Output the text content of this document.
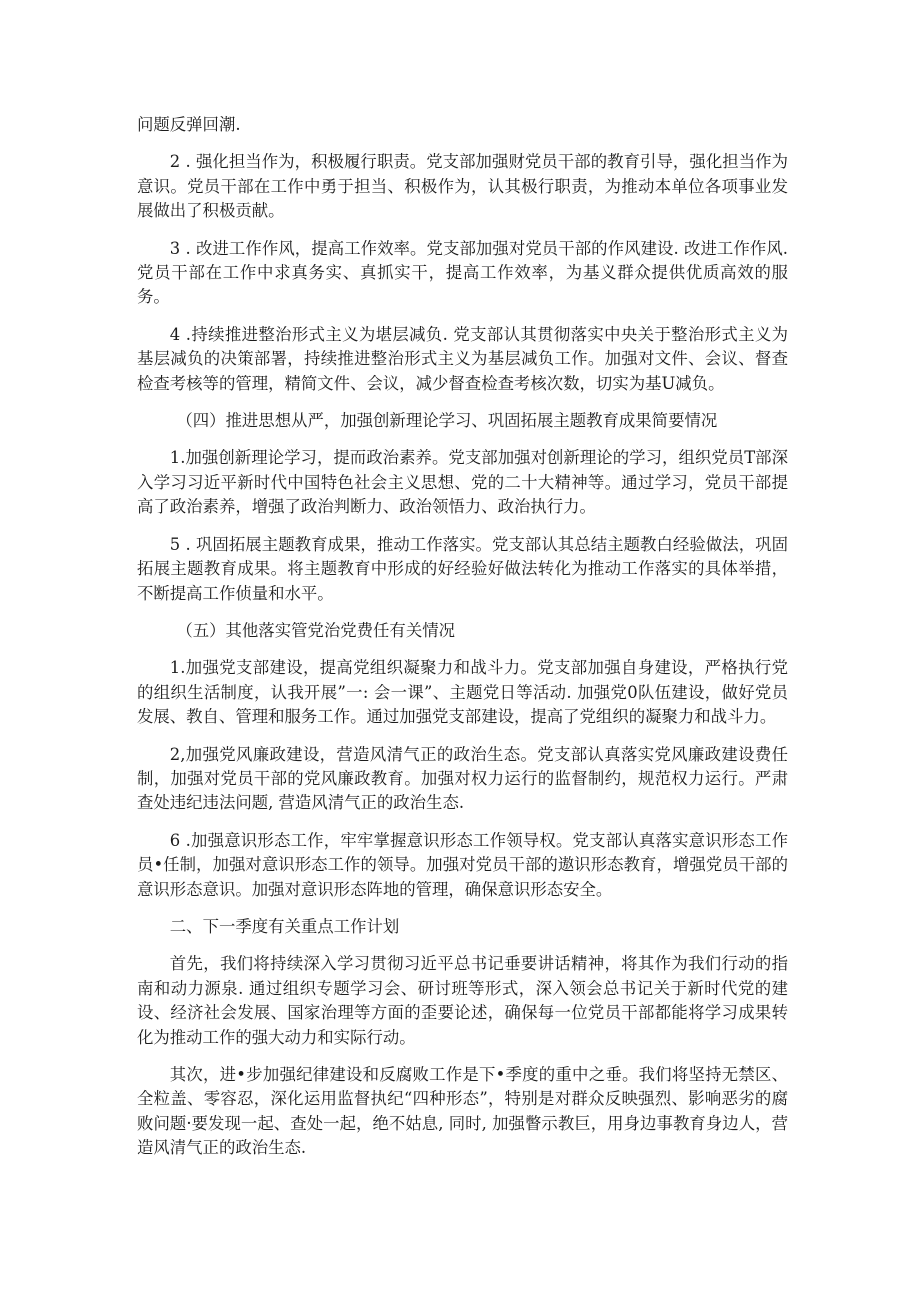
问题反弹回潮.

2 . 强化担当作为，积极履行职责。党支部加强财党员干部的教育引导，强化担当作为意识。党员干部在工作中勇于担当、积极作为，认其极行职责，为推动本单位各项事业发展做出了积极贡献。

3 . 改进工作作风，提高工作效率。党支部加强对党员干部的作风建设. 改进工作作风. 党员干部在工作中求真务实、真抓实干，提高工作效率，为基义群众提供优质高效的服务。

4 .持续推进整治形式主义为堪层减负. 党支部认其贯彻落实中央关于整治形式主义为基层减负的决策部署，持续推进整治形式主义为基层减负工作。加强对文件、会议、督查检查考核等的管理，精简文件、会议，减少督查检查考核次数，切实为基U减负。

（四）推进思想从严，加强创新理论学习、巩固拓展主题教育成果简要情况

1.加强创新理论学习，提而政治素养。党支部加强对创新理论的学习，组织党员T部深入学习习近平新时代中国特色社会主义思想、党的二十大精神等。通过学习，党员干部提高了政治素养，增强了政治判断力、政治领悟力、政治执行力。

5 . 巩固拓展主题教育成果，推动工作落实。党支部认其总结主题教白经验做法，巩固拓展主题教育成果。将主题教育中形成的好经验好做法转化为推动工作落实的具体举措，不断提高工作侦量和水平。

（五）其他落实管党治党费任有关情况

1.加强党支部建设，提高党组织凝聚力和战斗力。党支部加强自身建设，严格执行党的组织生活制度，认我开展”一: 会一课”、主题党日等活动. 加强党0队伍建设，做好党员发展、教自、管理和服务工作。通过加强党支部建设，提高了党组织的凝聚力和战斗力。

2,加强党风廉政建设，营造风清气正的政治生态。党支部认真落实党风廉政建设费任制，加强对党员干部的党风廉政教育。加强对权力运行的监督制约，规范权力运行。严肃查处违纪违法问题, 营造风清气正的政治生态.

6 .加强意识形态工作，牢牢掌握意识形态工作领导权。党支部认真落实意识形态工作员•任制，加强对意识形态工作的领导。加强对党员干部的遨识形态教育，增强党员干部的意识形态意识。加强对意识形态阵地的管理，确保意识形态安全。

二、下一季度有关重点工作计划

首先，我们将持续深入学习贯彻习近平总书记垂要讲话精神，将其作为我们行动的指南和动力源泉. 通过组织专题学习会、研讨班等形式，深入领会总书记关于新时代党的建设、经济社会发展、国家治理等方面的歪要论述，确保每一位党员干部都能将学习成果转化为推动工作的强大动力和实际行动。

其次，进•步加强纪律建设和反腐败工作是下•季度的重中之垂。我们将坚持无禁区、全粒盖、零容忍，深化运用监督执纪“四种形态”，特别是对群众反映强烈、影响恶劣的腐败问题·要发现一起、查处一起，绝不姑息, 同时, 加强瞥示教巨，用身边事教育身边人，营造风清气正的政治生态.
